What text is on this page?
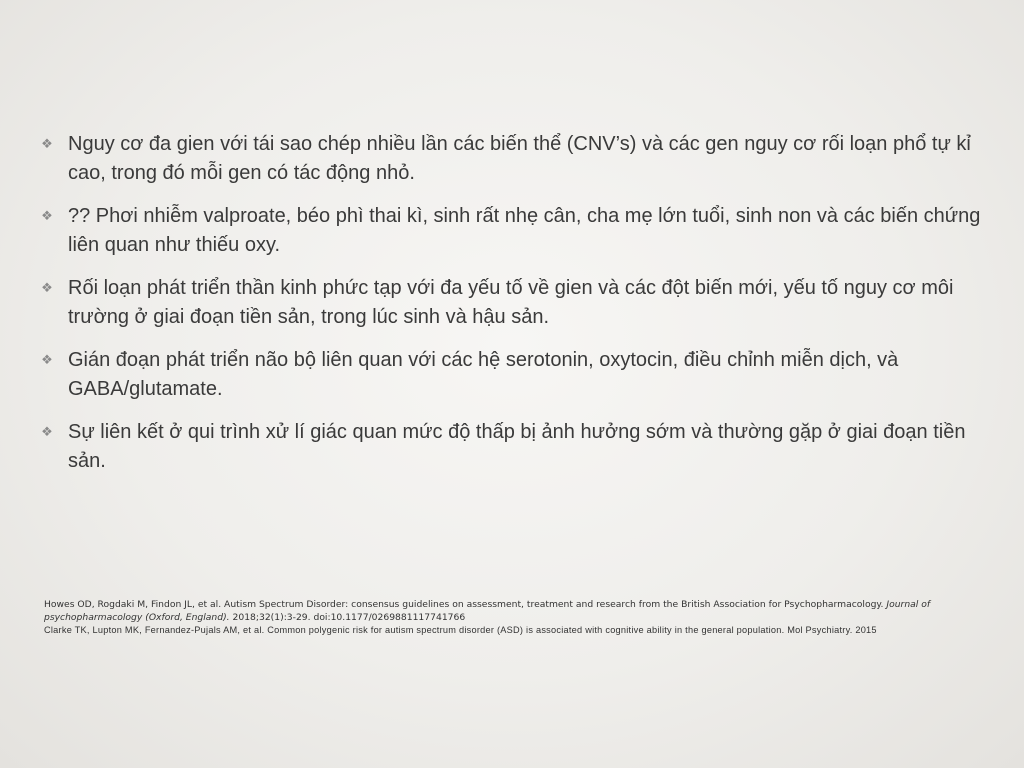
❖ Nguy cơ đa gien với tái sao chép nhiều lần các biến thể (CNV’s) và các gen nguy cơ rối loạn phổ tự kỉ cao, trong đó mỗi gen có tác động nhỏ.
❖ ?? Phơi nhiễm valproate, béo phì thai kì, sinh rất nhẹ cân, cha mẹ lớn tuổi, sinh non và các biến chứng liên quan như thiếu oxy.
❖ Rối loạn phát triển thần kinh phức tạp với đa yếu tố về gien và các đột biến mới, yếu tố nguy cơ môi trường ở giai đoạn tiền sản, trong lúc sinh và hậu sản.
❖ Gián đoạn phát triển não bộ liên quan với các hệ serotonin, oxytocin, điều chỉnh miễn dịch, và GABA/glutamate.
❖ Sự liên kết ở qui trình xử lí giác quan mức độ thấp bị ảnh hưởng sớm và thường gặp ở giai đoạn tiền sản.
Howes OD, Rogdaki M, Findon JL, et al. Autism Spectrum Disorder: consensus guidelines on assessment, treatment and research from the British Association for Psychopharmacology. Journal of
psychopharmacology (Oxford, England). 2018;32(1):3-29. doi:10.1177/0269881117741766
Clarke TK, Lupton MK, Fernandez-Pujals AM, et al. Common polygenic risk for autism spectrum disorder (ASD) is associated with cognitive ability in the general population. Mol Psychiatry. 2015
